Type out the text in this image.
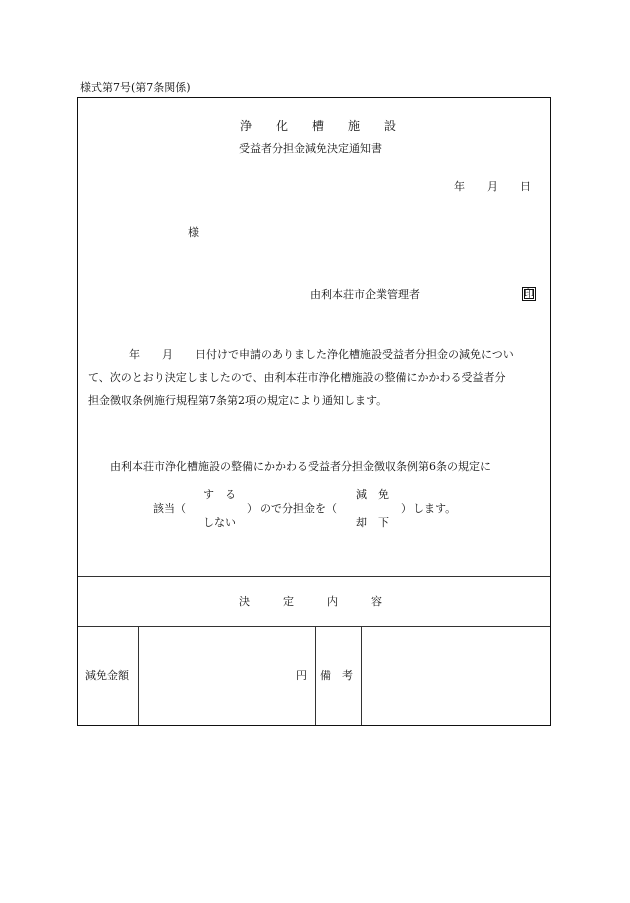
様式第7号(第7条関係)
浄　　化　　槽　　施　　設
受益者分担金減免決定通知書
年　　月　　日
様
由利本荘市企業管理者	印
年　　月　　日付けで申請のありました浄化槽施設受益者分担金の減免につい
て、次のとおり決定しましたので、由利本荘市浄化槽施設の整備にかかわる受益者分
担金徴収条例施行規程第7条第2項の規定により通知します。
由利本荘市浄化槽施設の整備にかかわる受益者分担金徴収条例第6条の規定に
す　る	減　免
該当（	） ので分担金を（	） します。
しない	却　下
決　　　定　　　内　　　容
減免金額	円 備　考
